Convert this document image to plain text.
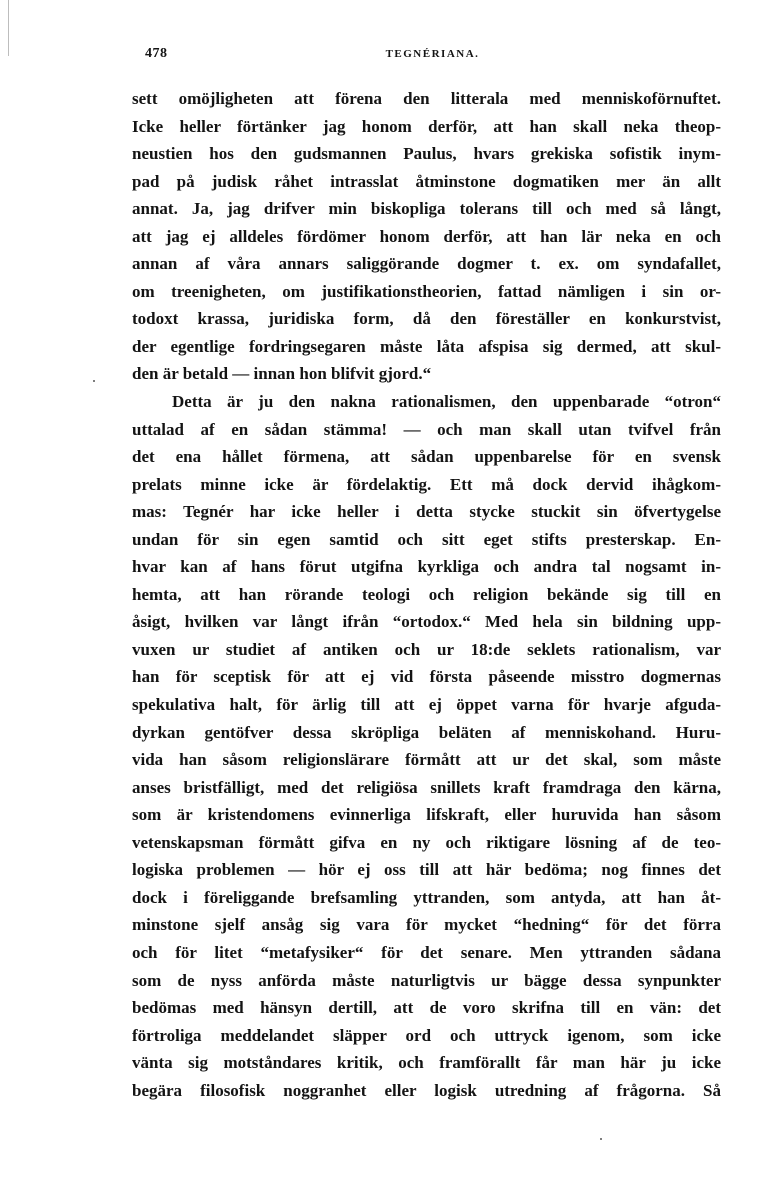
478	TEGNÉRIANA.
sett omöjligheten att förena den litterala med menniskoförnuftet.
Icke heller förtänker jag honom derför, att han skall neka theop-
neustien hos den gudsmannen Paulus, hvars grekiska sofistik inym-
pad på judisk råhet intrasslat åtminstone dogmatiken mer än allt
annat. Ja, jag drifver min biskopliga tolerans till och med så långt,
att jag ej alldeles fördömer honom derför, att han lär neka en och
annan af våra annars saliggörande dogmer t. ex. om syndafallet,
om treenigheten, om justifikationstheorien, fattad nämligen i sin or-
todoxt krassa, juridiska form, då den föreställer en konkurstvist,
der egentlige fordringsegaren måste låta afspisa sig dermed, att skul-
den är betald — innan hon blifvit gjord.“
Detta är ju den nakna rationalismen, den uppenbarade “otron“
uttalad af en sådan stämma! — och man skall utan tvifvel från
det ena hållet förmena, att sådan uppenbarelse för en svensk
prelats minne icke är fördelaktig. Ett må dock dervid ihågkom-
mas: Tegnér har icke heller i detta stycke stuckit sin öfvertygelse
undan för sin egen samtid och sitt eget stifts presterskap. En-
hvar kan af hans förut utgifna kyrkliga och andra tal nogsamt in-
hemta, att han rörande teologi och religion bekände sig till en
åsigt, hvilken var långt ifrån “ortodox.“ Med hela sin bildning upp-
vuxen ur studiet af antiken och ur 18:de seklets rationalism, var
han för sceptisk för att ej vid första påseende misstro dogmernas
spekulativa halt, för ärlig till att ej öppet varna för hvarje afguda-
dyrkan gentöfver dessa skröpliga beläten af menniskohand. Huru-
vida han såsom religionslärare förmått att ur det skal, som måste
anses bristfälligt, med det religiösa snillets kraft framdraga den kärna,
som är kristendomens evinnerliga lifskraft, eller huruvida han såsom
vetenskapsman förmått gifva en ny och riktigare lösning af de teo-
logiska problemen — hör ej oss till att här bedöma; nog finnes det
dock i föreliggande brefsamling yttranden, som antyda, att han åt-
minstone sjelf ansåg sig vara för mycket “hedning“ för det förra
och för litet “metafysiker“ för det senare. Men yttranden sådana
som de nyss anförda måste naturligtvis ur bägge dessa synpunkter
bedömas med hänsyn dertill, att de voro skrifna till en vän: det
förtroliga meddelandet släpper ord och uttryck igenom, som icke
vänta sig motståndares kritik, och framförallt får man här ju icke
begära filosofisk noggranhet eller logisk utredning af frågorna. Så
